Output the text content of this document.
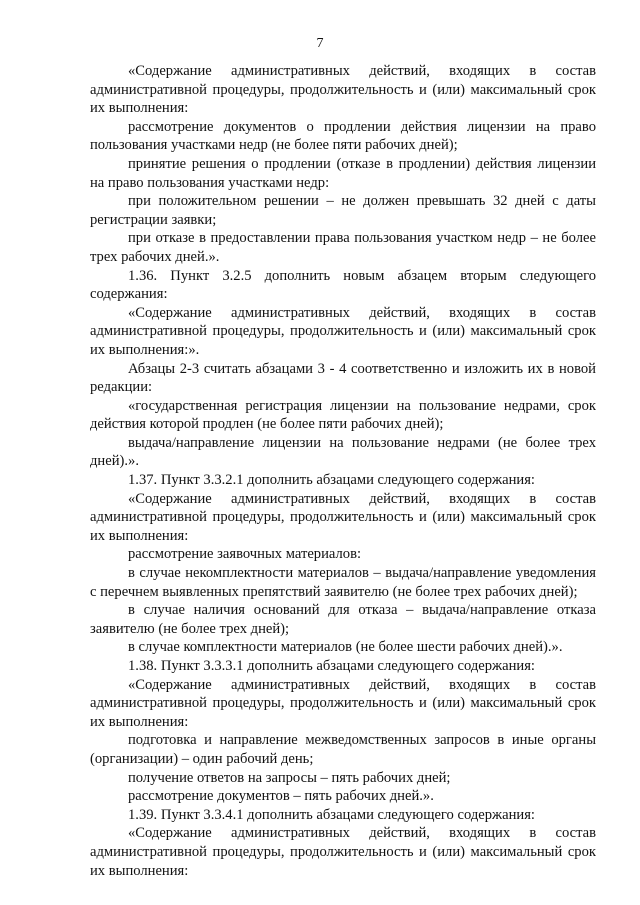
7

«Содержание административных действий, входящих в состав административной процедуры, продолжительность и (или) максимальный срок их выполнения:

рассмотрение документов о продлении действия лицензии на право пользования участками недр (не более пяти рабочих дней);

принятие решения о продлении (отказе в продлении) действия лицензии на право пользования участками недр:

при положительном решении – не должен превышать 32 дней с даты регистрации заявки;

при отказе в предоставлении права пользования участком недр – не более трех рабочих дней.».

1.36. Пункт 3.2.5 дополнить новым абзацем вторым следующего содержания:

«Содержание административных действий, входящих в состав административной процедуры, продолжительность и (или) максимальный срок их выполнения:».

Абзацы 2-3 считать абзацами 3 - 4 соответственно и изложить их в новой редакции:

«государственная регистрация лицензии на пользование недрами, срок действия которой продлен (не более пяти рабочих дней);

выдача/направление лицензии на пользование недрами (не более трех дней).».

1.37. Пункт 3.3.2.1 дополнить абзацами следующего содержания:

«Содержание административных действий, входящих в состав административной процедуры, продолжительность и (или) максимальный срок их выполнения:

рассмотрение заявочных материалов:

в случае некомплектности материалов – выдача/направление уведомления с перечнем выявленных препятствий заявителю (не более трех рабочих дней);

в случае наличия оснований для отказа – выдача/направление отказа заявителю (не более трех дней);

в случае комплектности материалов (не более шести рабочих дней).».

1.38. Пункт 3.3.3.1 дополнить абзацами следующего содержания:

«Содержание административных действий, входящих в состав административной процедуры, продолжительность и (или) максимальный срок их выполнения:

подготовка и направление межведомственных запросов в иные органы (организации) – один рабочий день;

получение ответов на запросы – пять рабочих дней;

рассмотрение документов – пять рабочих дней.».

1.39. Пункт 3.3.4.1 дополнить абзацами следующего содержания:

«Содержание административных действий, входящих в состав административной процедуры, продолжительность и (или) максимальный срок их выполнения:
